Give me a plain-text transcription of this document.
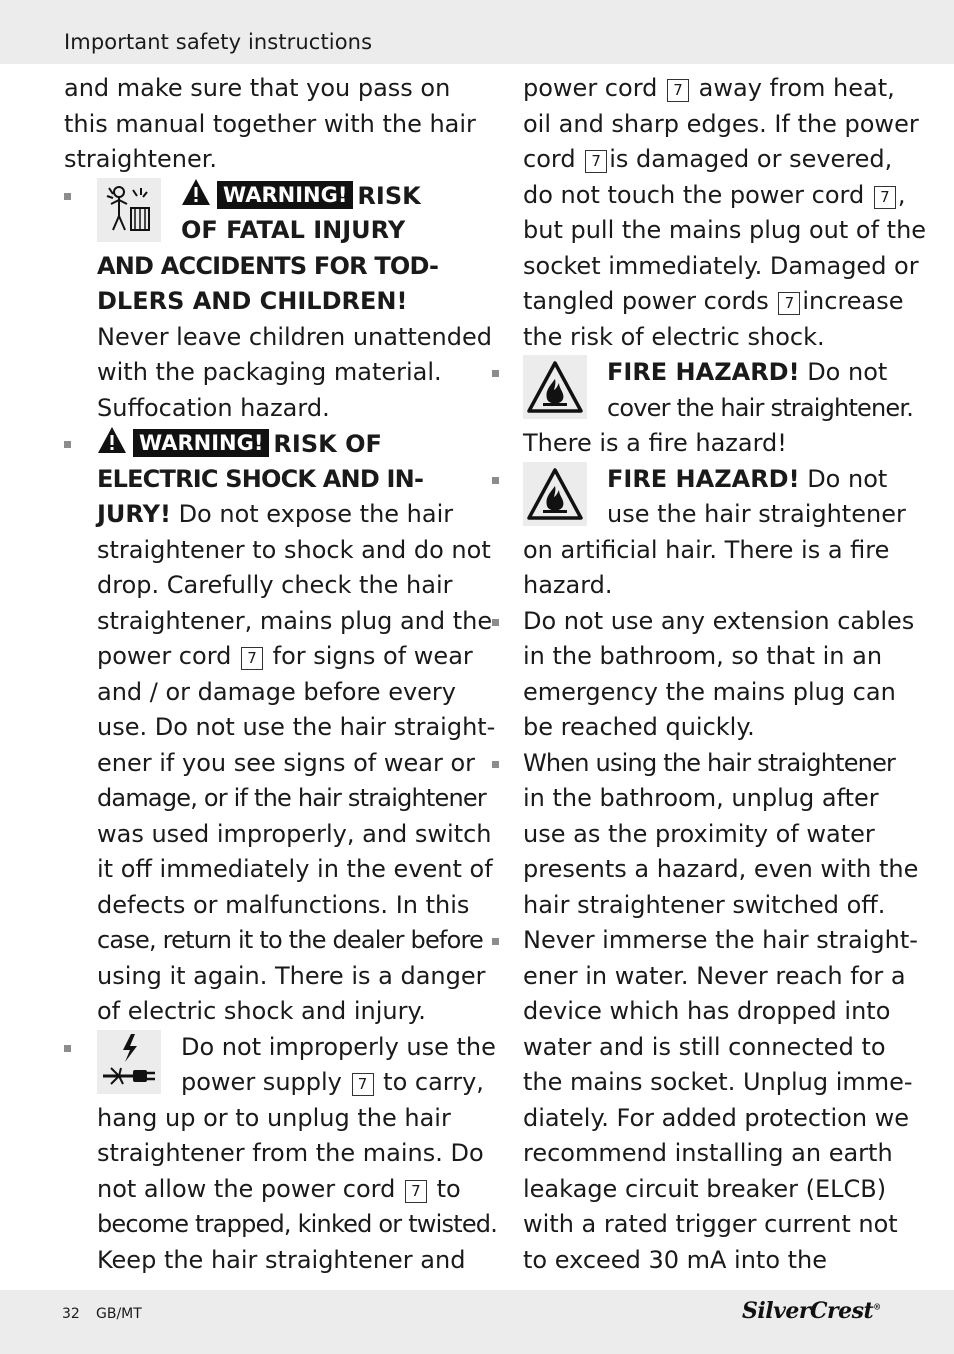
Important safety instructions
and make sure that you pass on
this manual together with the hair
straightener.
WARNING! RISK
OF FATAL INJURY
AND ACCIDENTS FOR TOD-
DLERS AND CHILDREN!
Never leave children unattended
with the packaging material.
Suffocation hazard.
WARNING! RISK OF
ELECTRIC SHOCK AND IN-
JURY! Do not expose the hair
straightener to shock and do not
drop. Carefully check the hair
straightener, mains plug and the
power cord 7 for signs of wear
and / or damage before every
use. Do not use the hair straight-
ener if you see signs of wear or
damage, or if the hair straightener
was used improperly, and switch
it off immediately in the event of
defects or malfunctions. In this
case, return it to the dealer before
using it again. There is a danger
of electric shock and injury.
Do not improperly use the
power supply 7 to carry,
hang up or to unplug the hair
straightener from the mains. Do
not allow the power cord 7 to
become trapped, kinked or twisted.
Keep the hair straightener and
power cord 7 away from heat,
oil and sharp edges. If the power
cord 7 is damaged or severed,
do not touch the power cord 7 ,
but pull the mains plug out of the
socket immediately. Damaged or
tangled power cords 7 increase
the risk of electric shock.
FIRE HAZARD! Do not
cover the hair straightener.
There is a fire hazard!
FIRE HAZARD! Do not
use the hair straightener
on artificial hair. There is a fire
hazard.
Do not use any extension cables
in the bathroom, so that in an
emergency the mains plug can
be reached quickly.
When using the hair straightener
in the bathroom, unplug after
use as the proximity of water
presents a hazard, even with the
hair straightener switched off.
Never immerse the hair straight-
ener in water. Never reach for a
device which has dropped into
water and is still connected to
the mains socket. Unplug imme-
diately. For added protection we
recommend installing an earth
leakage circuit breaker (ELCB)
with a rated trigger current not
to exceed 30 mA into the
32 GB/MT	SilverCrest®
